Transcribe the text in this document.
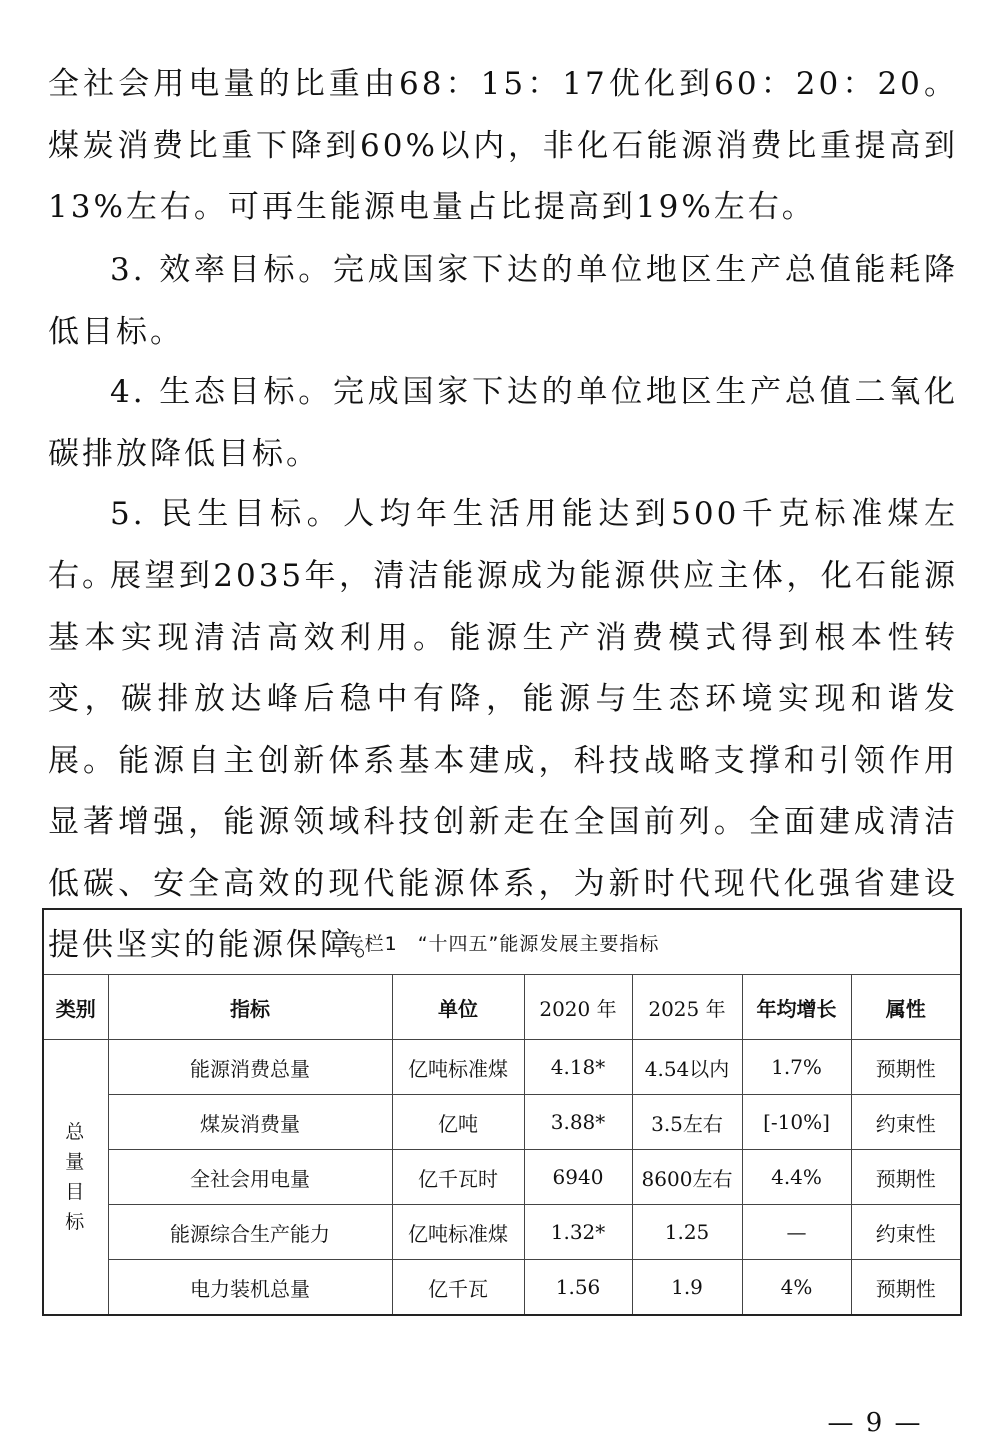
全社会用电量的比重由68：15：17优化到60：20：20。煤炭消费比重下降到60%以内，非化石能源消费比重提高到13%左右。可再生能源电量占比提高到19%左右。

3. 效率目标。完成国家下达的单位地区生产总值能耗降低目标。

4. 生态目标。完成国家下达的单位地区生产总值二氧化碳排放降低目标。

5. 民生目标。人均年生活用能达到500千克标准煤左右。

展望到2035年，清洁能源成为能源供应主体，化石能源基本实现清洁高效利用。能源生产消费模式得到根本性转变，碳排放达峰后稳中有降，能源与生态环境实现和谐发展。能源自主创新体系基本建成，科技战略支撑和引领作用显著增强，能源领域科技创新走在全国前列。全面建成清洁低碳、安全高效的现代能源体系，为新时代现代化强省建设提供坚实的能源保障。

专栏1　“十四五”能源发展主要指标						
类别	指标	单位	2020 年	2025 年	年均增长	属性
总量目标	能源消费总量	亿吨标准煤	4.18*	4.54以内	1.7%	预期性
	煤炭消费量	亿吨	3.88*	3.5左右	[-10%]	约束性
	全社会用电量	亿千瓦时	6940	8600左右	4.4%	预期性
	能源综合生产能力	亿吨标准煤	1.32*	1.25	—	约束性
	电力装机总量	亿千瓦	1.56	1.9	4%	预期性
— 9 —
